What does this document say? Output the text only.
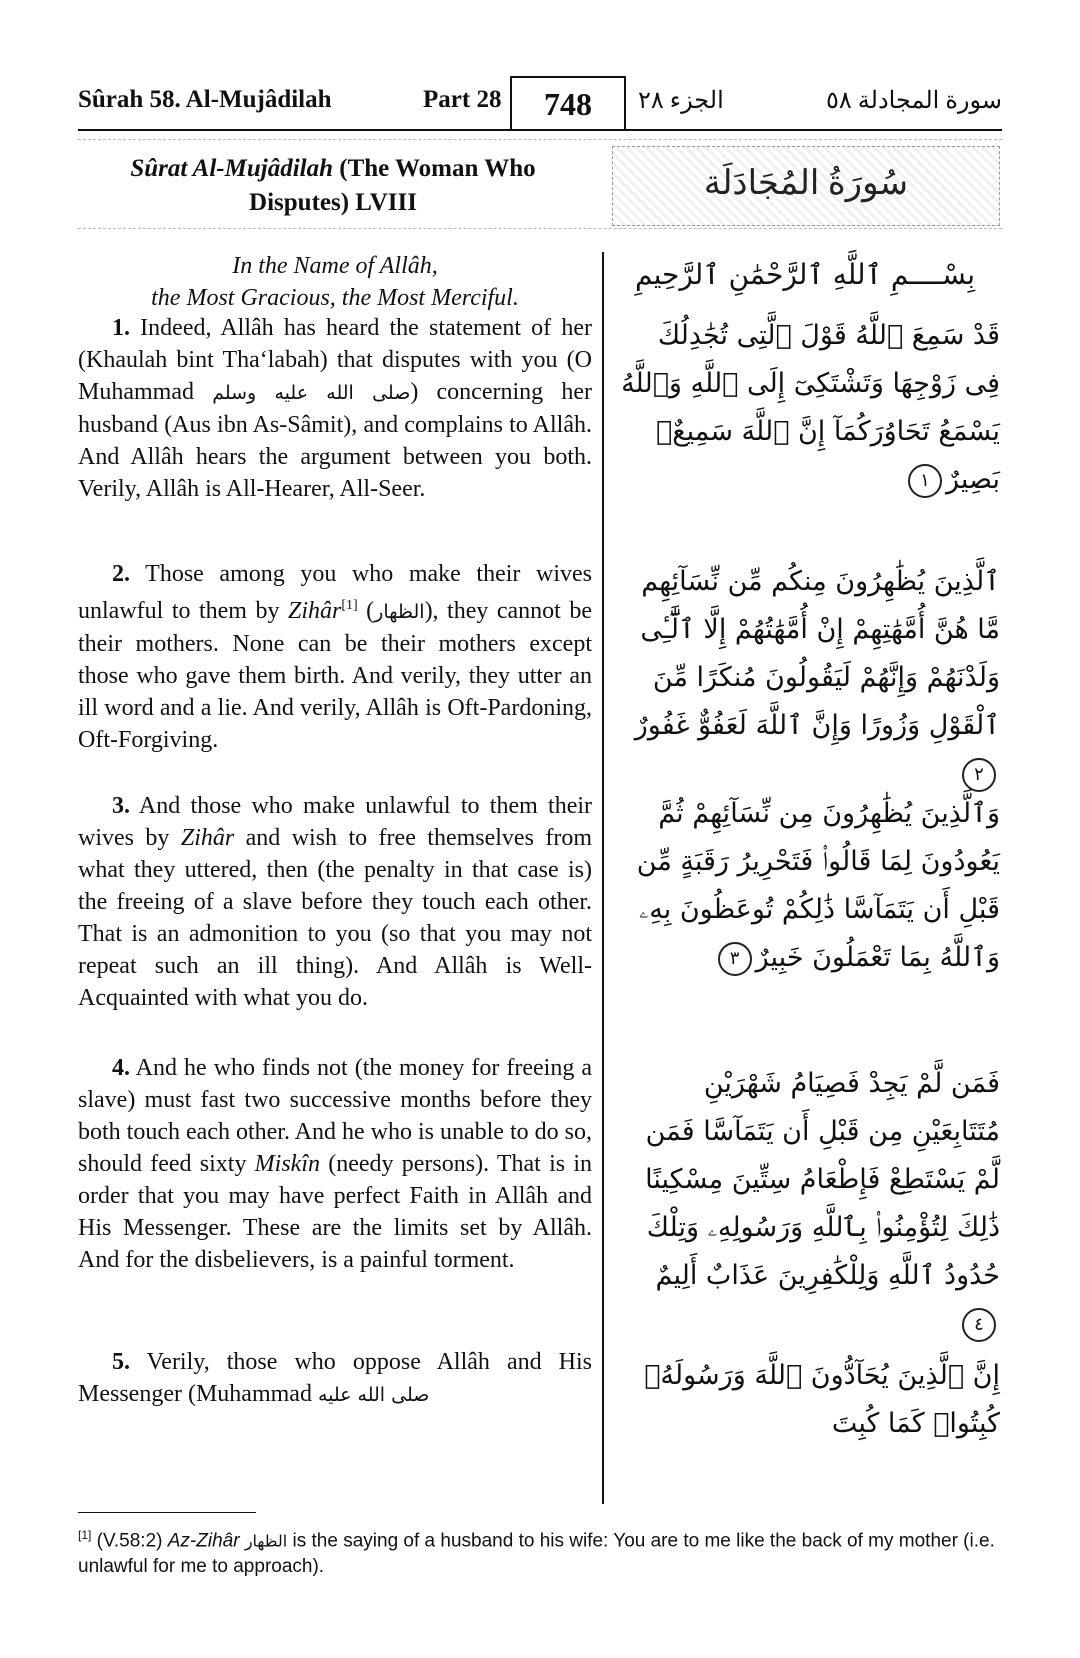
Sûrah 58. Al-Mujâdilah	Part 28	748	الجزء ٢٨	سورة المجادلة ٥٨
Sûrat Al-Mujâdilah (The Woman Who Disputes) LVIII
سُورَةُ المُجَادَلَة
In the Name of Allâh,
the Most Gracious, the Most Merciful.
بِسْــــمِ ٱللَّهِ ٱلرَّحْمَٰنِ ٱلرَّحِيمِ
1. Indeed, Allâh has heard the statement of her (Khaulah bint Tha‘labah) that disputes with you (O Muhammad صلى الله عليه وسلم) concerning her husband (Aus ibn As-Sâmit), and complains to Allâh. And Allâh hears the argument between you both. Verily, Allâh is All-Hearer, All-Seer.
قَدْ سَمِعَ ٱللَّهُ قَوْلَ ٱلَّتِى تُجَٰدِلُكَ فِى زَوْجِهَا وَتَشْتَكِىٓ إِلَى ٱللَّهِ وَٱللَّهُ يَسْمَعُ تَحَاوُرَكُمَآ إِنَّ ٱللَّهَ سَمِيعٌۢ بَصِيرٌ١
2. Those among you who make their wives unlawful to them by Zihâr[1] (الظهار), they cannot be their mothers. None can be their mothers except those who gave them birth. And verily, they utter an ill word and a lie. And verily, Allâh is Oft-Pardoning, Oft-Forgiving.
ٱلَّذِينَ يُظَٰهِرُونَ مِنكُم مِّن نِّسَآئِهِم مَّا هُنَّ أُمَّهَٰتِهِمْ إِنْ أُمَّهَٰتُهُمْ إِلَّا ٱلَّٰٓـِٔى وَلَدْنَهُمْ وَإِنَّهُمْ لَيَقُولُونَ مُنكَرًا مِّنَ ٱلْقَوْلِ وَزُورًا وَإِنَّ ٱللَّهَ لَعَفُوٌّ غَفُورٌ٢
3. And those who make unlawful to them their wives by Zihâr and wish to free themselves from what they uttered, then (the penalty in that case is) the freeing of a slave before they touch each other. That is an admonition to you (so that you may not repeat such an ill thing). And Allâh is Well-Acquainted with what you do.
وَٱلَّذِينَ يُظَٰهِرُونَ مِن نِّسَآئِهِمْ ثُمَّ يَعُودُونَ لِمَا قَالُوا۟ فَتَحْرِيرُ رَقَبَةٍ مِّن قَبْلِ أَن يَتَمَآسَّا ذَٰلِكُمْ تُوعَظُونَ بِهِۦ وَٱللَّهُ بِمَا تَعْمَلُونَ خَبِيرٌ٣
4. And he who finds not (the money for freeing a slave) must fast two successive months before they both touch each other. And he who is unable to do so, should feed sixty Miskîn (needy persons). That is in order that you may have perfect Faith in Allâh and His Messenger. These are the limits set by Allâh. And for the disbelievers, is a painful torment.
فَمَن لَّمْ يَجِدْ فَصِيَامُ شَهْرَيْنِ مُتَتَابِعَيْنِ مِن قَبْلِ أَن يَتَمَآسَّا فَمَن لَّمْ يَسْتَطِعْ فَإِطْعَامُ سِتِّينَ مِسْكِينًا ذَٰلِكَ لِتُؤْمِنُوا۟ بِٱللَّهِ وَرَسُولِهِۦ وَتِلْكَ حُدُودُ ٱللَّهِ وَلِلْكَٰفِرِينَ عَذَابٌ أَلِيمٌ٤
5. Verily, those who oppose Allâh and His Messenger (Muhammad صلى الله عليه
إِنَّ ٱلَّذِينَ يُحَآدُّونَ ٱللَّهَ وَرَسُولَهُۥ كُبِتُوا۟ كَمَا كُبِتَ
[1] (V.58:2) Az-Zihâr الظهار is the saying of a husband to his wife: You are to me like the back of my mother (i.e. unlawful for me to approach).
